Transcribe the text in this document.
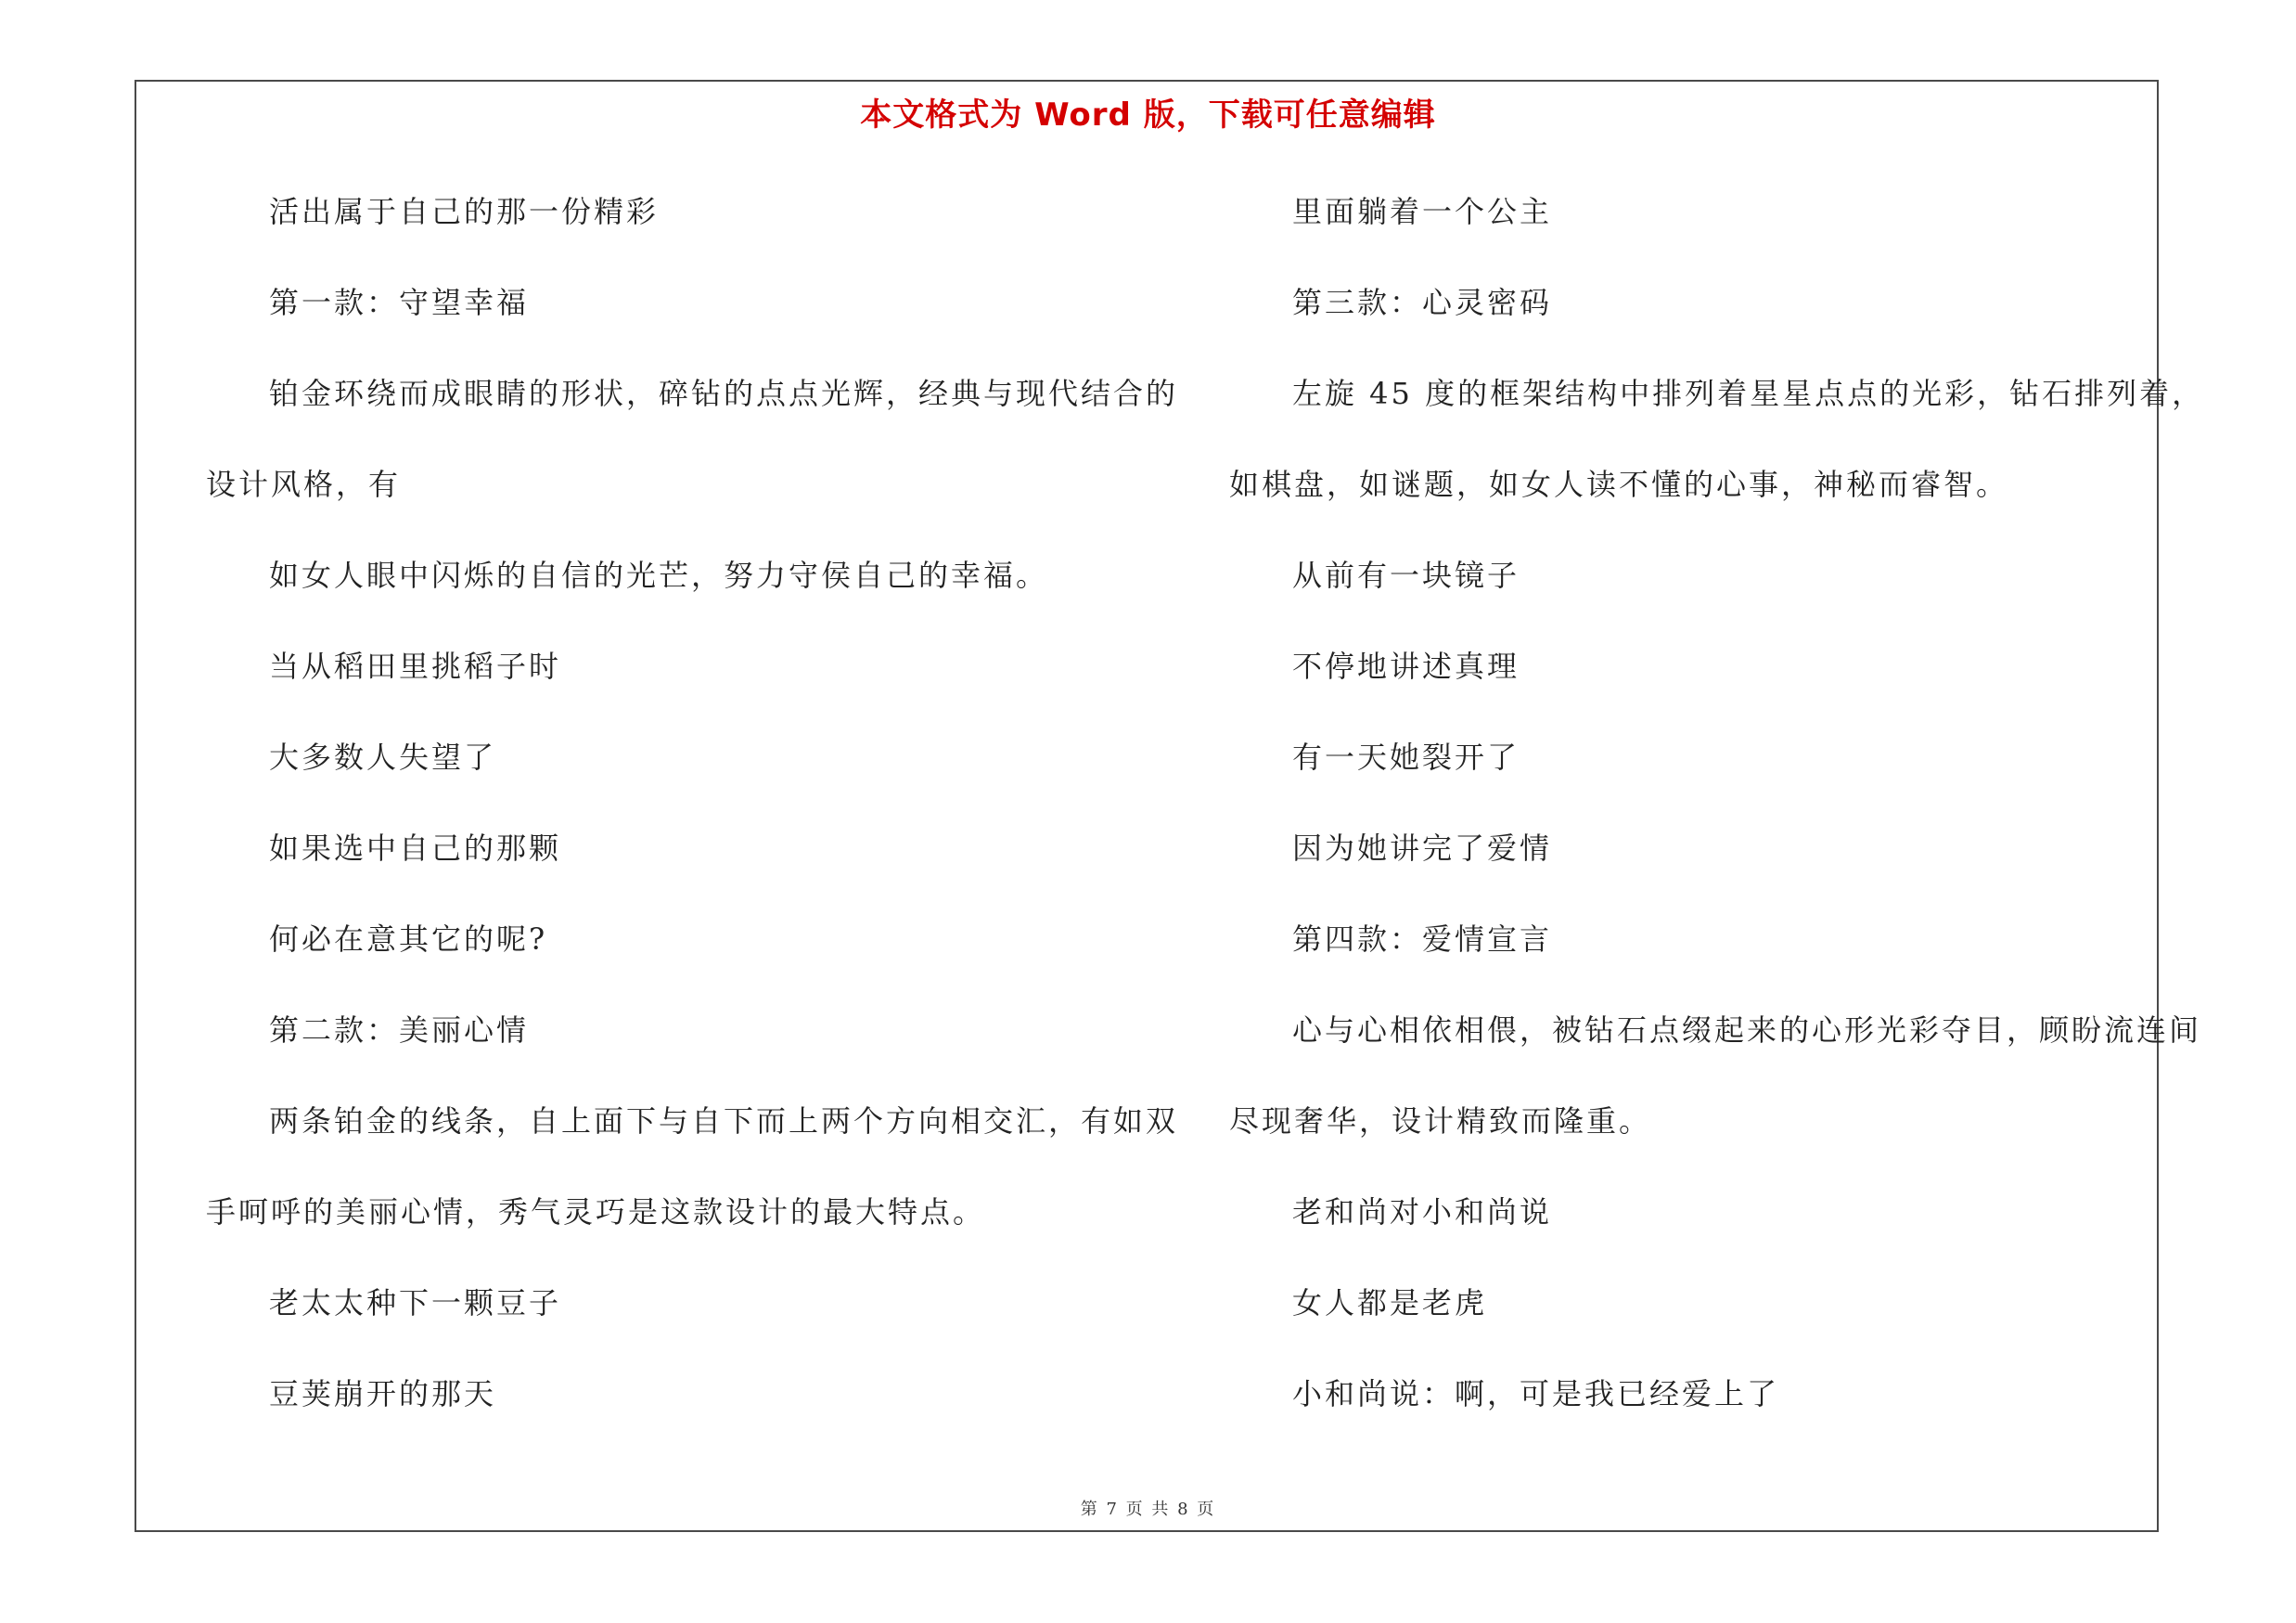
本文格式为 Word 版，下载可任意编辑
活出属于自己的那一份精彩
第一款：守望幸福
铂金环绕而成眼睛的形状，碎钻的点点光辉，经典与现代结合的
设计风格，有
如女人眼中闪烁的自信的光芒，努力守侯自己的幸福。
当从稻田里挑稻子时
大多数人失望了
如果选中自己的那颗
何必在意其它的呢?
第二款：美丽心情
两条铂金的线条，自上面下与自下而上两个方向相交汇，有如双
手呵呼的美丽心情，秀气灵巧是这款设计的最大特点。
老太太种下一颗豆子
豆荚崩开的那天
里面躺着一个公主
第三款：心灵密码
左旋 45 度的框架结构中排列着星星点点的光彩，钻石排列着，
如棋盘，如谜题，如女人读不懂的心事，神秘而睿智。
从前有一块镜子
不停地讲述真理
有一天她裂开了
因为她讲完了爱情
第四款：爱情宣言
心与心相依相偎，被钻石点缀起来的心形光彩夺目，顾盼流连间
尽现奢华，设计精致而隆重。
老和尚对小和尚说
女人都是老虎
小和尚说：啊，可是我已经爱上了
第 7 页 共 8 页
